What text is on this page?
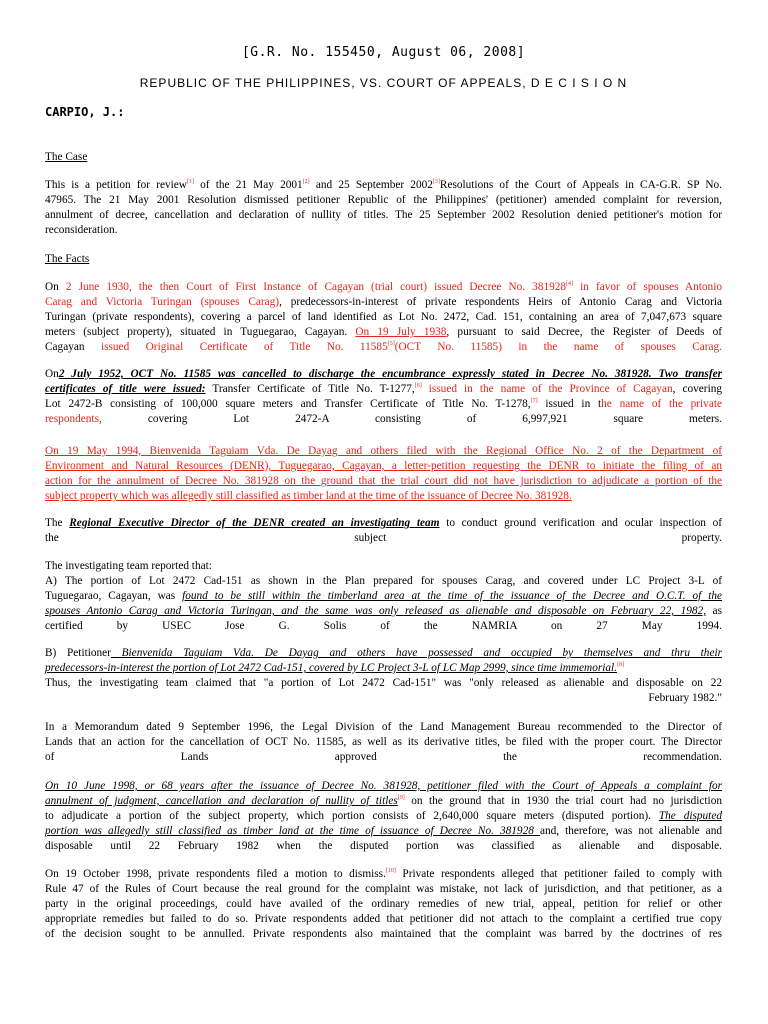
[G.R. No. 155450, August 06, 2008]
REPUBLIC OF THE PHILIPPINES, VS. COURT OF APPEALS, D E C I S I O N
CARPIO, J.:
The Case
This is a petition for review[1] of the 21 May 2001[2] and 25 September 2002[3]Resolutions of the Court of Appeals in CA-G.R. SP No.
47965. The 21 May 2001 Resolution dismissed petitioner Republic of the Philippines' (petitioner) amended complaint for reversion,
annulment of decree, cancellation and declaration of nullity of titles. The 25 September 2002 Resolution denied petitioner's motion for
reconsideration.
The Facts
On 2 June 1930, the then Court of First Instance of Cagayan (trial court) issued Decree No. 381928[4] in favor of spouses Antonio
Carag and Victoria Turingan (spouses Carag), predecessors-in-interest of private respondents Heirs of Antonio Carag and Victoria
Turingan (private respondents), covering a parcel of land identified as Lot No. 2472, Cad. 151, containing an area of 7,047,673 square
meters (subject property), situated in Tuguegarao, Cagayan. On 19 July 1938, pursuant to said Decree, the Register of Deeds of
Cagayan issued Original Certificate of Title No. 11585[5](OCT No. 11585) in the name of spouses Carag.
On2 July 1952, OCT No. 11585 was cancelled to discharge the encumbrance expressly stated in Decree No. 381928. Two transfer
certificates of title were issued: Transfer Certificate of Title No. T-1277,[6] issued in the name of the Province of Cagayan, covering
Lot 2472-B consisting of 100,000 square meters and Transfer Certificate of Title No. T-1278,[7] issued in the name of the private
respondents,	covering Lot 2472-A consisting of 6,997,921 square meters.
On 19 May 1994, Bienvenida Taguiam Vda. De Dayag and others filed with the Regional Office No. 2 of the Department of
Environment and Natural Resources (DENR), Tuguegarao, Cagayan, a letter-petition requesting the DENR to initiate the filing of an
action for the annulment of Decree No. 381928 on the ground that the trial court did not have jurisdiction to adjudicate a portion of the
subject property which was allegedly still classified as timber land at the time of the issuance of Decree No. 381928.
The Regional Executive Director of the DENR created an investigating team to conduct ground verification and ocular inspection of
the subject property.
The investigating team reported that:
A) The portion of Lot 2472 Cad-151 as shown in the Plan prepared for spouses Carag, and covered under LC Project 3-L of
Tuguegarao, Cagayan, was found to be still within the timberland area at the time of the issuance of the Decree and O.C.T. of the
spouses Antonio Carag and Victoria Turingan, and the same was only released as alienable and disposable on February 22, 1982, as
certified by USEC Jose G. Solis of the NAMRIA on 27 May 1994.
B) Petitioner Bienvenida Taguiam Vda. De Dayag and others have possessed and occupied by themselves and thru their
predecessors-in-interest the portion of Lot 2472 Cad-151, covered by LC Project 3-L of LC Map 2999, since time immemorial.[8]
Thus, the investigating team claimed that "a portion of Lot 2472 Cad-151" was "only released as alienable and disposable on 22
February 1982."
In a Memorandum dated 9 September 1996, the Legal Division of the Land Management Bureau recommended to the Director of
Lands that an action for the cancellation of OCT No. 11585, as well as its derivative titles, be filed with the proper court. The Director
of Lands approved the recommendation.
On 10 June 1998, or 68 years after the issuance of Decree No. 381928, petitioner filed with the Court of Appeals a complaint for
annulment of judgment, cancellation and declaration of nullity of titles[9] on the ground that in 1930 the trial court had no jurisdiction
to adjudicate a portion of the subject property, which portion consists of 2,640,000 square meters (disputed portion). The disputed
portion was allegedly still classified as timber land at the time of issuance of Decree No. 381928 and, therefore, was not alienable and
disposable until 22 February 1982 when the disputed portion was classified as alienable and disposable.
On 19 October 1998, private respondents filed a motion to dismiss.[10] Private respondents alleged that petitioner failed to comply with
Rule 47 of the Rules of Court because the real ground for the complaint was mistake, not lack of jurisdiction, and that petitioner, as a
party in the original proceedings, could have availed of the ordinary remedies of new trial, appeal, petition for relief or other
appropriate remedies but failed to do so. Private respondents added that petitioner did not attach to the complaint a certified true copy
of the decision sought to be annulled. Private respondents also maintained that the complaint was barred by the doctrines of res
